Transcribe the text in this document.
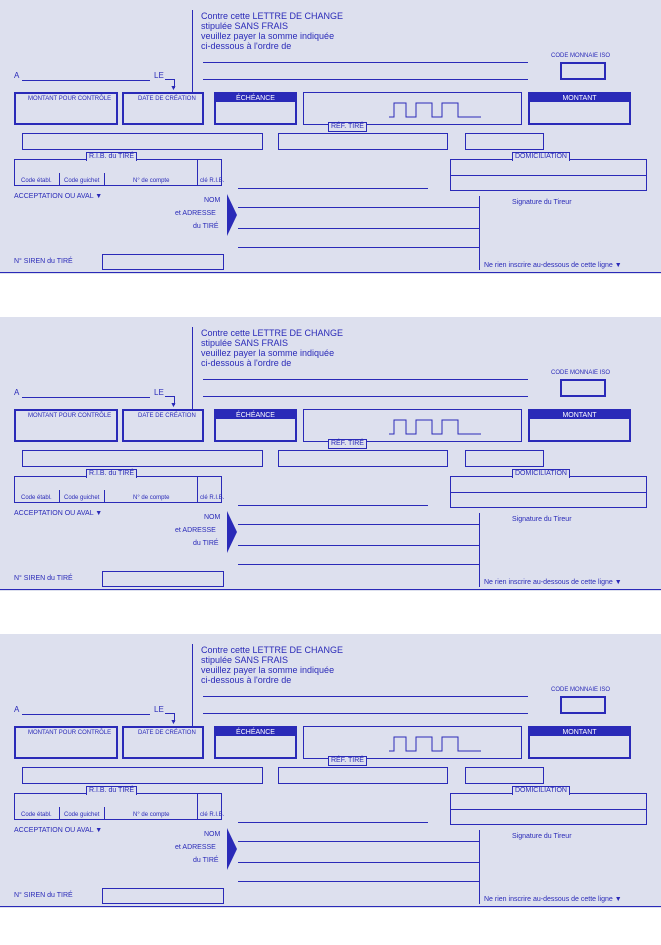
Contre cette LETTRE DE CHANGE
stipulée SANS FRAIS
veuillez payer la somme indiquée
ci-dessous à l'ordre de
CODE MONNAIE ISO
A	LE
▼
MONTANT POUR CONTRÔLE	DATE DE CRÉATION	ÉCHÉANCE
RÉF. TIRÉ
MONTANT
Code établ. Code guichet	N° de compte	clé R.I.B.
R.I.B. du TIRÉ	DOMICILIATION
ACCEPTATION OU AVAL ▼
NOM
et ADRESSE
du TIRÉ
Signature du Tireur
N° SIREN du TIRÉ
Ne rien inscrire au-dessous de cette ligne ▼
Contre cette LETTRE DE CHANGE
stipulée SANS FRAIS
veuillez payer la somme indiquée
ci-dessous à l'ordre de
CODE MONNAIE ISO
A	LE
▼
MONTANT POUR CONTRÔLE	DATE DE CRÉATION	ÉCHÉANCE
RÉF. TIRÉ
MONTANT
Code établ. Code guichet	N° de compte	clé R.I.B.
R.I.B. du TIRÉ	DOMICILIATION
ACCEPTATION OU AVAL ▼
NOM
et ADRESSE
du TIRÉ
Signature du Tireur
N° SIREN du TIRÉ
Ne rien inscrire au-dessous de cette ligne ▼
Contre cette LETTRE DE CHANGE
stipulée SANS FRAIS
veuillez payer la somme indiquée
ci-dessous à l'ordre de
CODE MONNAIE ISO
A	LE
▼
MONTANT POUR CONTRÔLE	DATE DE CRÉATION	ÉCHÉANCE
RÉF. TIRÉ
MONTANT
Code établ. Code guichet	N° de compte	clé R.I.B.
R.I.B. du TIRÉ	DOMICILIATION
ACCEPTATION OU AVAL ▼
NOM
et ADRESSE
du TIRÉ
Signature du Tireur
N° SIREN du TIRÉ
Ne rien inscrire au-dessous de cette ligne ▼
